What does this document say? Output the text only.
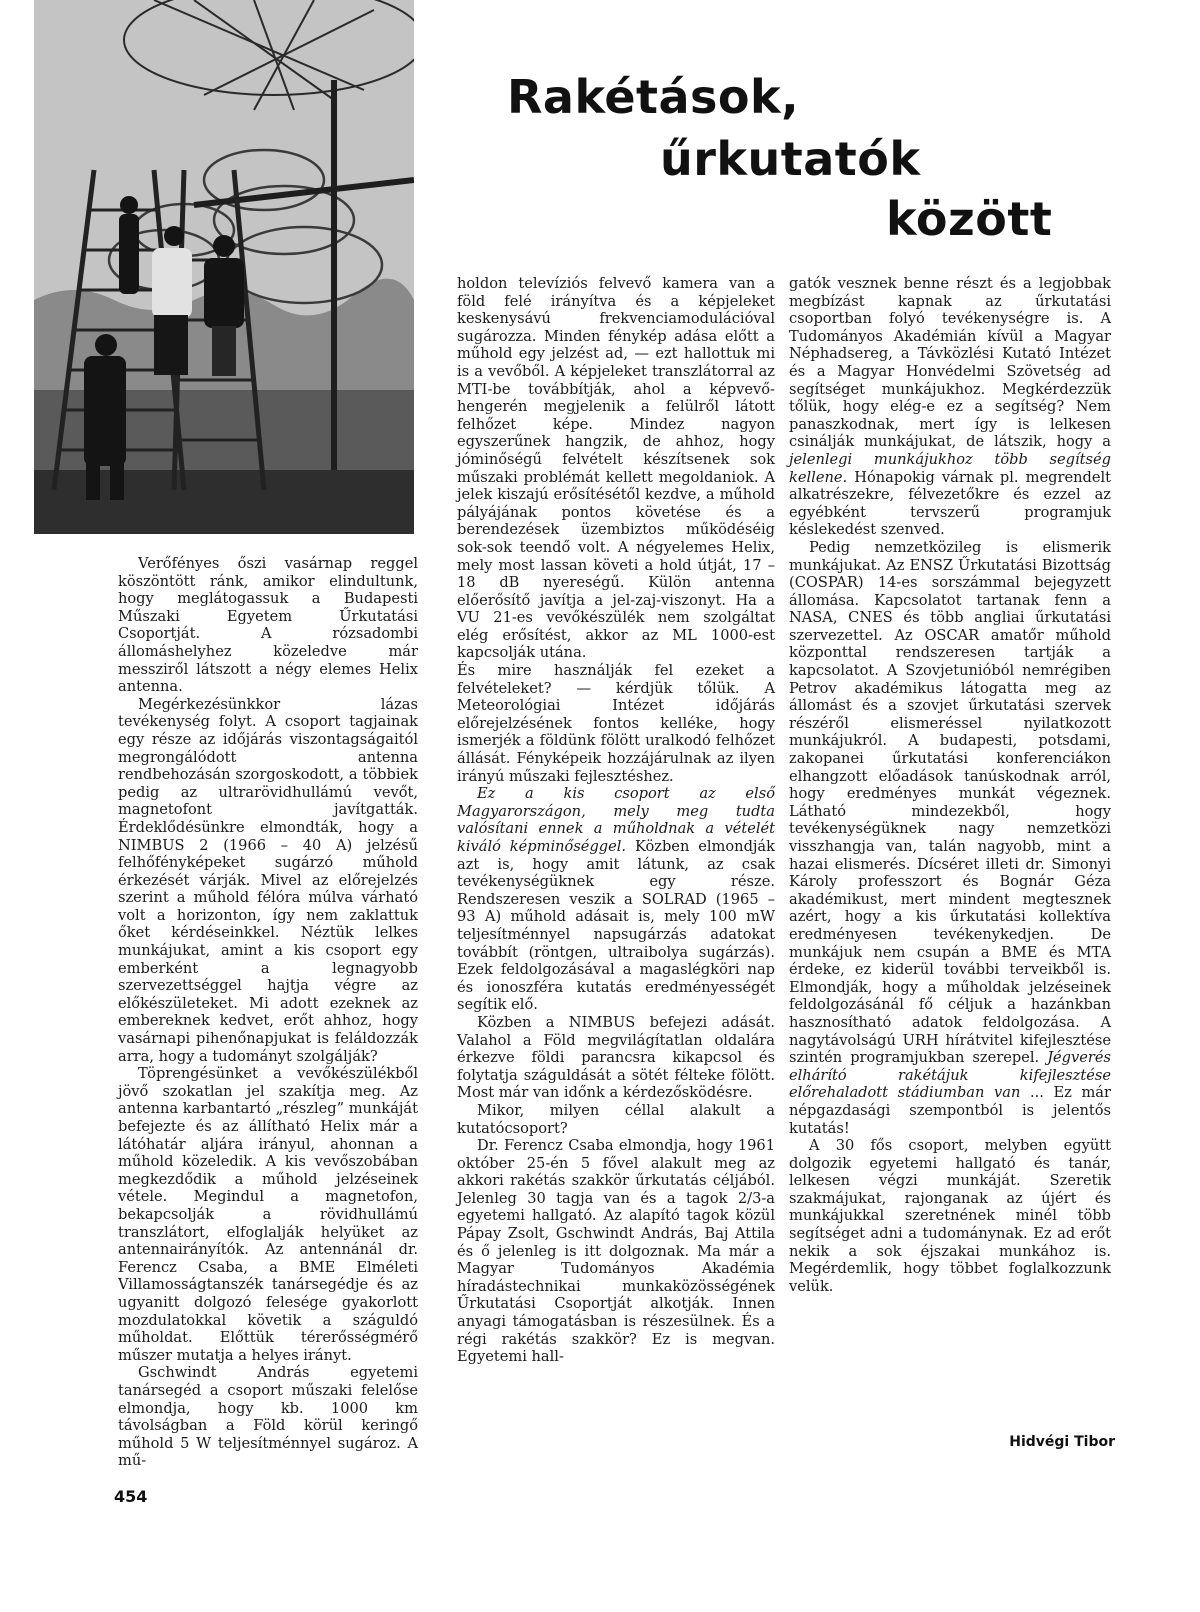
Rakétások,
űrkutatók
között

Verőfényes őszi vasárnap reggel köszöntött ránk, amikor elindultunk, hogy meglátogassuk a Budapesti Műszaki Egyetem Űrkutatási Csoportját. A rózsadombi állomáshelyhez közeledve már messziről látszott a négy elemes Helix antenna.

Megérkezésünkkor lázas tevékenység folyt. A csoport tagjainak egy része az időjárás viszontagságaitól megrongálódott antenna rendbehozásán szorgoskodott, a többiek pedig az ultrarövidhullámú vevőt, magnetofont javítgatták. Érdeklődésünkre elmondták, hogy a NIMBUS 2 (1966 – 40 A) jelzésű felhőfényképeket sugárzó műhold érkezését várják. Mivel az előrejelzés szerint a műhold félóra múlva várható volt a horizonton, így nem zaklattuk őket kérdéseinkkel. Néztük lelkes munkájukat, amint a kis csoport egy emberként a legnagyobb szervezettséggel hajtja végre az előkészületeket. Mi adott ezeknek az embereknek kedvet, erőt ahhoz, hogy vasárnapi pihenőnapjukat is feláldozzák arra, hogy a tudományt szolgálják?

Töprengésünket a vevőkészülékből jövő szokatlan jel szakítja meg. Az antenna karbantartó „részleg” munkáját befejezte és az állítható Helix már a látóhatár aljára irányul, ahonnan a műhold közeledik. A kis vevőszobában megkezdődik a műhold jelzéseinek vétele. Megindul a magnetofon, bekapcsolják a rövidhullámú transzlátort, elfoglalják helyüket az antennairányítók. Az antennánál dr. Ferencz Csaba, a BME Elméleti Villamosságtanszék tanársegédje és az ugyanitt dolgozó felesége gyakorlott mozdulatokkal követik a száguldó műholdat. Előttük térerősségmérő műszer mutatja a helyes irányt.

Gschwindt András egyetemi tanársegéd a csoport műszaki felelőse elmondja, hogy kb. 1000 km távolságban a Föld körül keringő műhold 5 W teljesítménnyel sugároz. A mű-

holdon televíziós felvevő kamera van a föld felé irányítva és a képjeleket keskenysávú frekvenciamodulációval sugározza. Minden fénykép adása előtt a műhold egy jelzést ad, — ezt hallottuk mi is a vevőből. A képjeleket transzlátorral az MTI-be továbbítják, ahol a képvevő-hengerén megjelenik a felülről látott felhőzet képe. Mindez nagyon egyszerűnek hangzik, de ahhoz, hogy jóminőségű felvételt készítsenek sok műszaki problémát kellett megoldaniok. A jelek kiszajú erősítésétől kezdve, a műhold pályájának pontos követése és a berendezések üzembiztos működéséig sok-sok teendő volt. A négyelemes Helix, mely most lassan követi a hold útját, 17 – 18 dB nyereségű. Külön antenna előerősítő javítja a jel-zaj-viszonyt. Ha a VU 21-es vevőkészülék nem szolgáltat elég erősítést, akkor az ML 1000-est kapcsolják utána.

És mire használják fel ezeket a felvételeket? — kérdjük tőlük. A Meteorológiai Intézet időjárás előrejelzésének fontos kelléke, hogy ismerjék a földünk fölött uralkodó felhőzet állását. Fényképeik hozzájárulnak az ilyen irányú műszaki fejlesztéshez.

Ez a kis csoport az első Magyarországon, mely meg tudta valósítani ennek a műholdnak a vételét kiváló képminőséggel. Közben elmondják azt is, hogy amit látunk, az csak tevékenységüknek egy része. Rendszeresen veszik a SOLRAD (1965 – 93 A) műhold adásait is, mely 100 mW teljesítménnyel napsugárzás adatokat továbbít (röntgen, ultraibolya sugárzás). Ezek feldolgozásával a magaslégköri nap és ionoszféra kutatás eredményességét segítik elő.

Közben a NIMBUS befejezi adását. Valahol a Föld megvilágítatlan oldalára érkezve földi parancsra kikapcsol és folytatja száguldását a sötét félteke fölött. Most már van időnk a kérdezősködésre.

Mikor, milyen céllal alakult a kutatócsoport?

Dr. Ferencz Csaba elmondja, hogy 1961 október 25-én 5 fővel alakult meg az akkori rakétás szakkör űrkutatás céljából. Jelenleg 30 tagja van és a tagok 2/3-a egyetemi hallgató. Az alapító tagok közül Pápay Zsolt, Gschwindt András, Baj Attila és ő jelenleg is itt dolgoznak. Ma már a Magyar Tudományos Akadémia híradástechnikai munkaközösségének Űrkutatási Csoportját alkotják. Innen anyagi támogatásban is részesülnek. És a régi rakétás szakkör? Ez is megvan. Egyetemi hall-

gatók vesznek benne részt és a legjobbak megbízást kapnak az űrkutatási csoportban folyó tevékenységre is. A Tudományos Akadémián kívül a Magyar Néphadsereg, a Távközlési Kutató Intézet és a Magyar Honvédelmi Szövetség ad segítséget munkájukhoz. Megkérdezzük tőlük, hogy elég-e ez a segítség? Nem panaszkodnak, mert így is lelkesen csinálják munkájukat, de látszik, hogy a jelenlegi munkájukhoz több segítség kellene. Hónapokig várnak pl. megrendelt alkatrészekre, félvezetőkre és ezzel az egyébként tervszerű programjuk késlekedést szenved.

Pedig nemzetközileg is elismerik munkájukat. Az ENSZ Űrkutatási Bizottság (COSPAR) 14-es sorszámmal bejegyzett állomása. Kapcsolatot tartanak fenn a NASA, CNES és több angliai űrkutatási szervezettel. Az OSCAR amatőr műhold központtal rendszeresen tartják a kapcsolatot. A Szovjetunióból nemrégiben Petrov akadémikus látogatta meg az állomást és a szovjet űrkutatási szervek részéről elismeréssel nyilatkozott munkájukról. A budapesti, potsdami, zakopanei űrkutatási konferenciákon elhangzott előadások tanúskodnak arról, hogy eredményes munkát végeznek. Látható mindezekből, hogy tevékenységüknek nagy nemzetközi visszhangja van, talán nagyobb, mint a hazai elismerés. Dícséret illeti dr. Simonyi Károly professzort és Bognár Géza akadémikust, mert mindent megtesznek azért, hogy a kis űrkutatási kollektíva eredményesen tevékenykedjen. De munkájuk nem csupán a BME és MTA érdeke, ez kiderül további terveikből is. Elmondják, hogy a műholdak jelzéseinek feldolgozásánál fő céljuk a hazánkban hasznosítható adatok feldolgozása. A nagytávolságú URH hírátvitel kifejlesztése szintén programjukban szerepel. Jégverés elhárító rakétájuk kifejlesztése előrehaladott stádiumban van ... Ez már népgazdasági szempontból is jelentős kutatás!

A 30 fős csoport, melyben együtt dolgozik egyetemi hallgató és tanár, lelkesen végzi munkáját. Szeretik szakmájukat, rajonganak az újért és munkájukkal szeretnének minél több segítséget adni a tudománynak. Ez ad erőt nekik a sok éjszakai munkához is. Megérdemlik, hogy többet foglalkozzunk velük.

Hidvégi Tibor
454
